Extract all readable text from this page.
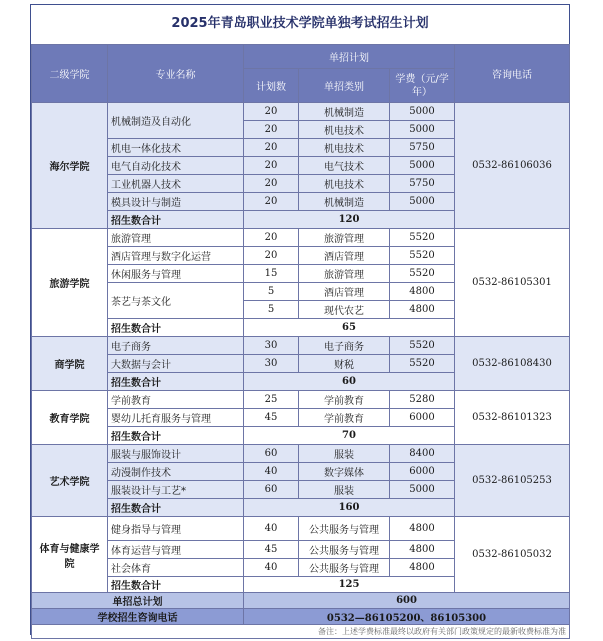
2025年青岛职业技术学院单独考试招生计划
二级学院	专业名称	单招计划			咨询电话
		计划数	单招类别	学费（元/学年）	
海尔学院	机械制造及自动化	20	机械制造	5000	0532-86106036
		20	机电技术	5000	
	机电一体化技术	20	机电技术	5750	
	电气自动化技术	20	电气技术	5000	
	工业机器人技术	20	机电技术	5750	
	模具设计与制造	20	机械制造	5000	
	招生数合计	120			
旅游学院	旅游管理	20	旅游管理	5520	0532-86105301
	酒店管理与数字化运营	20	酒店管理	5520	
	休闲服务与管理	15	旅游管理	5520	
	茶艺与茶文化	5	酒店管理	4800	
		5	现代农艺	4800	
	招生数合计	65			
商学院	电子商务	30	电子商务	5520	0532-86108430
	大数据与会计	30	财税	5520	
	招生数合计	60			
教育学院	学前教育	25	学前教育	5280	0532-86101323
	婴幼儿托育服务与管理	45	学前教育	6000	
	招生数合计	70			
艺术学院	服装与服饰设计	60	服装	8400	0532-86105253
	动漫制作技术	40	数字媒体	6000	
	服装设计与工艺*	60	服装	5000	
	招生数合计	160			
体育与健康学院	健身指导与管理	40	公共服务与管理	4800	0532-86105032
	体育运营与管理	45	公共服务与管理	4800	
	社会体育	40	公共服务与管理	4800	
	招生数合计	125			
单招总计划		600			
学校招生咨询电话		0532—86105200、86105300			
备注：上述学费标准最终以政府有关部门政策规定的最新收费标准为准					
